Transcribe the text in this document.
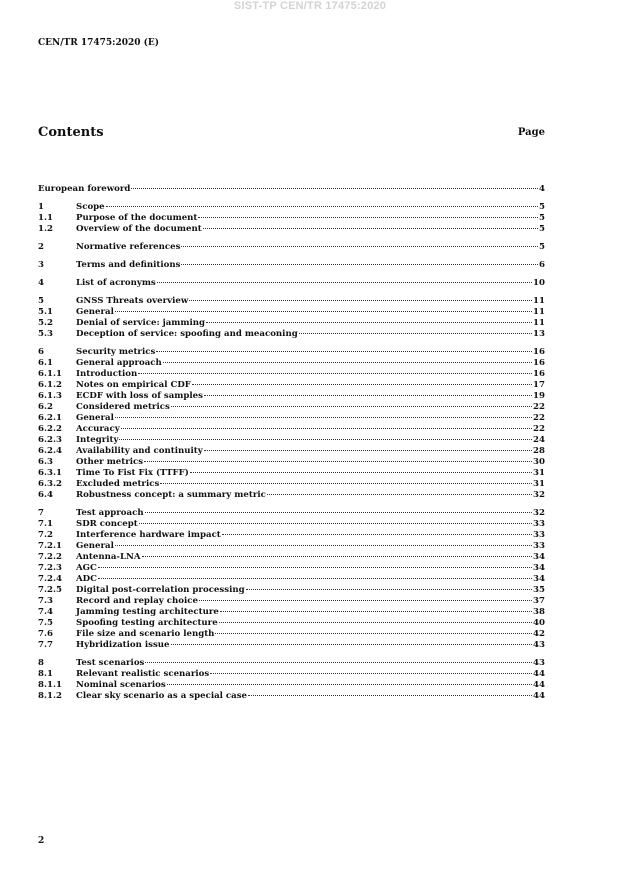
SIST-TP CEN/TR 17475:2020
CEN/TR 17475:2020 (E)
Contents	Page
European foreword	4
1	Scope	5
1.1	Purpose of the document	5
1.2	Overview of the document	5
2	Normative references	5
3	Terms and definitions	6
4	List of acronyms	10
5	GNSS Threats overview	11
5.1	General	11
5.2	Denial of service: jamming	11
5.3	Deception of service: spoofing and meaconing	13
6	Security metrics	16
6.1	General approach	16
6.1.1	Introduction	16
6.1.2	Notes on empirical CDF	17
6.1.3	ECDF with loss of samples	19
6.2	Considered metrics	22
6.2.1	General	22
6.2.2	Accuracy	22
6.2.3	Integrity	24
6.2.4	Availability and continuity	28
6.3	Other metrics	30
6.3.1	Time To Fist Fix (TTFF)	31
6.3.2	Excluded metrics	31
6.4	Robustness concept: a summary metric	32
7	Test approach	32
7.1	SDR concept	33
7.2	Interference hardware impact	33
7.2.1	General	33
7.2.2	Antenna-LNA	34
7.2.3	AGC	34
7.2.4	ADC	34
7.2.5	Digital post-correlation processing	35
7.3	Record and replay choice	37
7.4	Jamming testing architecture	38
7.5	Spoofing testing architecture	40
7.6	File size and scenario length	42
7.7	Hybridization issue	43
8	Test scenarios	43
8.1	Relevant realistic scenarios	44
8.1.1	Nominal scenarios	44
8.1.2	Clear sky scenario as a special case	44
2
